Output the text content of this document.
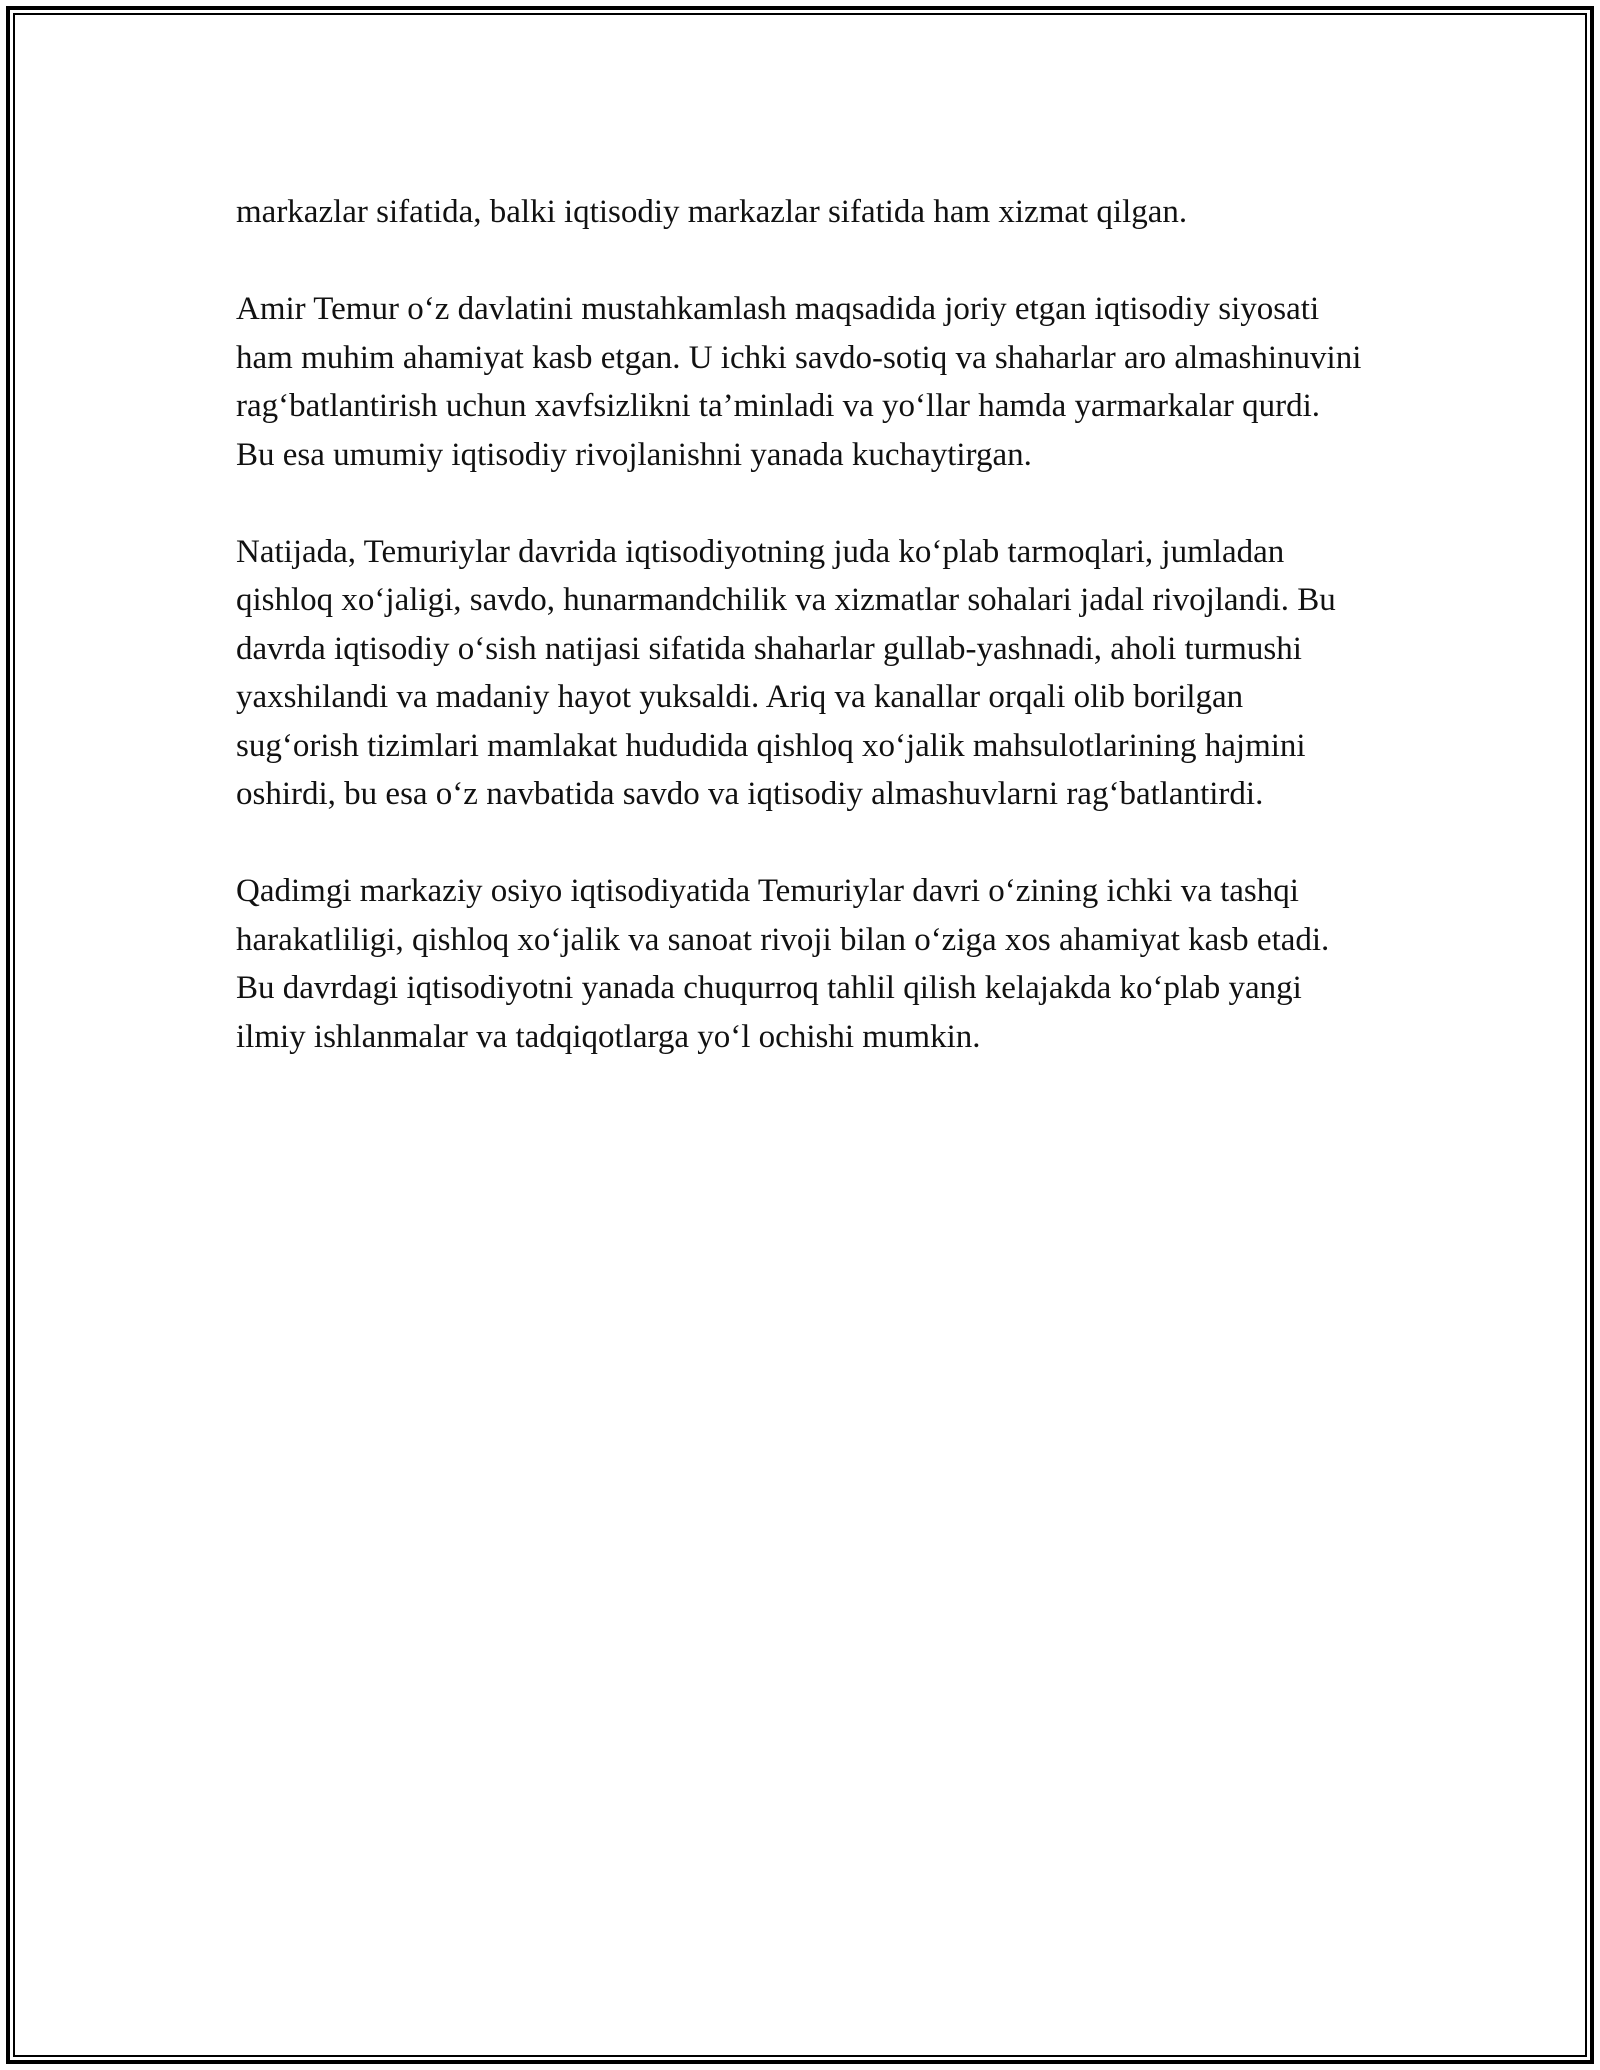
markazlar sifatida, balki iqtisodiy markazlar sifatida ham xizmat qilgan.

Amir Temur o‘z davlatini mustahkamlash maqsadida joriy etgan iqtisodiy siyosati ham muhim ahamiyat kasb etgan. U ichki savdo-sotiq va shaharlar aro almashinuvini rag‘batlantirish uchun xavfsizlikni ta’minladi va yo‘llar hamda yarmarkalar qurdi. Bu esa umumiy iqtisodiy rivojlanishni yanada kuchaytirgan.

Natijada, Temuriylar davrida iqtisodiyotning juda ko‘plab tarmoqlari, jumladan qishloq xo‘jaligi, savdo, hunarmandchilik va xizmatlar sohalari jadal rivojlandi. Bu davrda iqtisodiy o‘sish natijasi sifatida shaharlar gullab-yashnadi, aholi turmushi yaxshilandi va madaniy hayot yuksaldi. Ariq va kanallar orqali olib borilgan sug‘orish tizimlari mamlakat hududida qishloq xo‘jalik mahsulotlarining hajmini oshirdi, bu esa o‘z navbatida savdo va iqtisodiy almashuvlarni rag‘batlantirdi.

Qadimgi markaziy osiyo iqtisodiyatida Temuriylar davri o‘zining ichki va tashqi harakatliligi, qishloq xo‘jalik va sanoat rivoji bilan o‘ziga xos ahamiyat kasb etadi. Bu davrdagi iqtisodiyotni yanada chuqurroq tahlil qilish kelajakda ko‘plab yangi ilmiy ishlanmalar va tadqiqotlarga yo‘l ochishi mumkin.
